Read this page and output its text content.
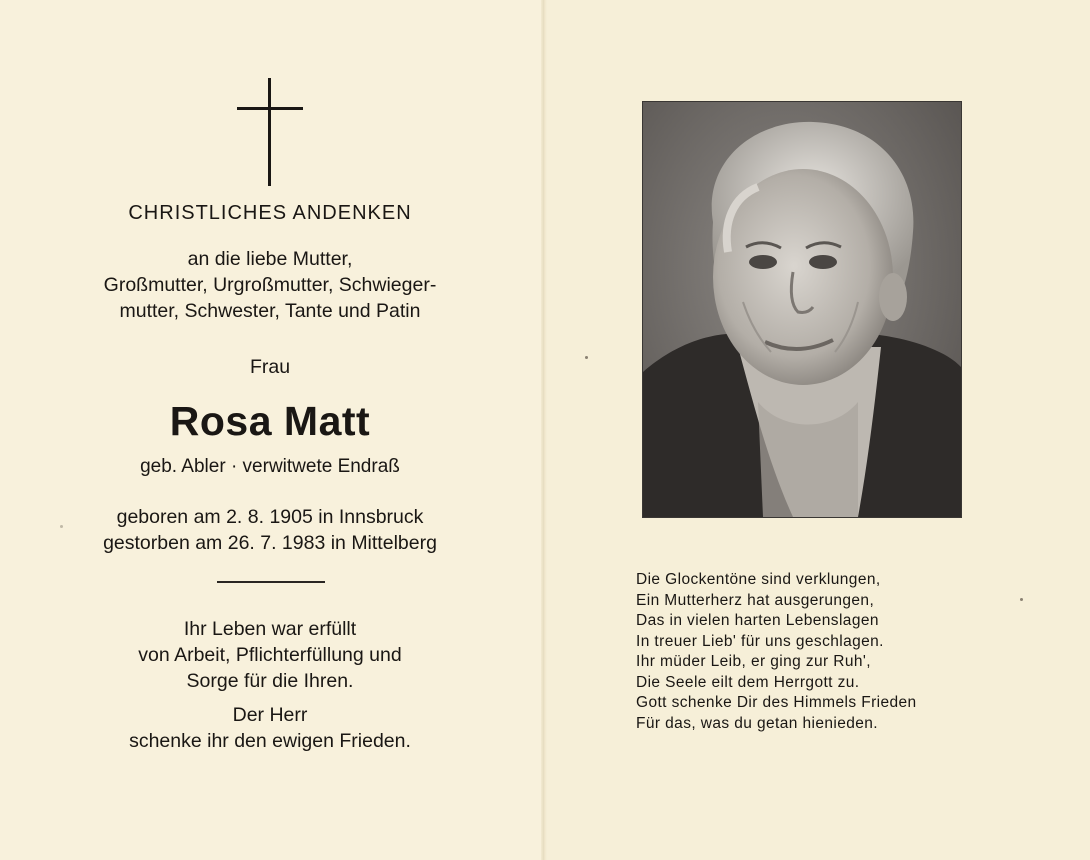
CHRISTLICHES ANDENKEN
an die liebe Mutter,
Großmutter, Urgroßmutter, Schwieger-
mutter, Schwester, Tante und Patin
Frau
Rosa Matt
geb. Abler · verwitwete Endraß
geboren am 2. 8. 1905 in Innsbruck
gestorben am 26. 7. 1983 in Mittelberg
Ihr Leben war erfüllt
von Arbeit, Pflichterfüllung und
Sorge für die Ihren.
Der Herr
schenke ihr den ewigen Frieden.
Die Glockentöne sind verklungen,
Ein Mutterherz hat ausgerungen,
Das in vielen harten Lebenslagen
In treuer Lieb' für uns geschlagen.
Ihr müder Leib, er ging zur Ruh',
Die Seele eilt dem Herrgott zu.
Gott schenke Dir des Himmels Frieden
Für das, was du getan hienieden.
